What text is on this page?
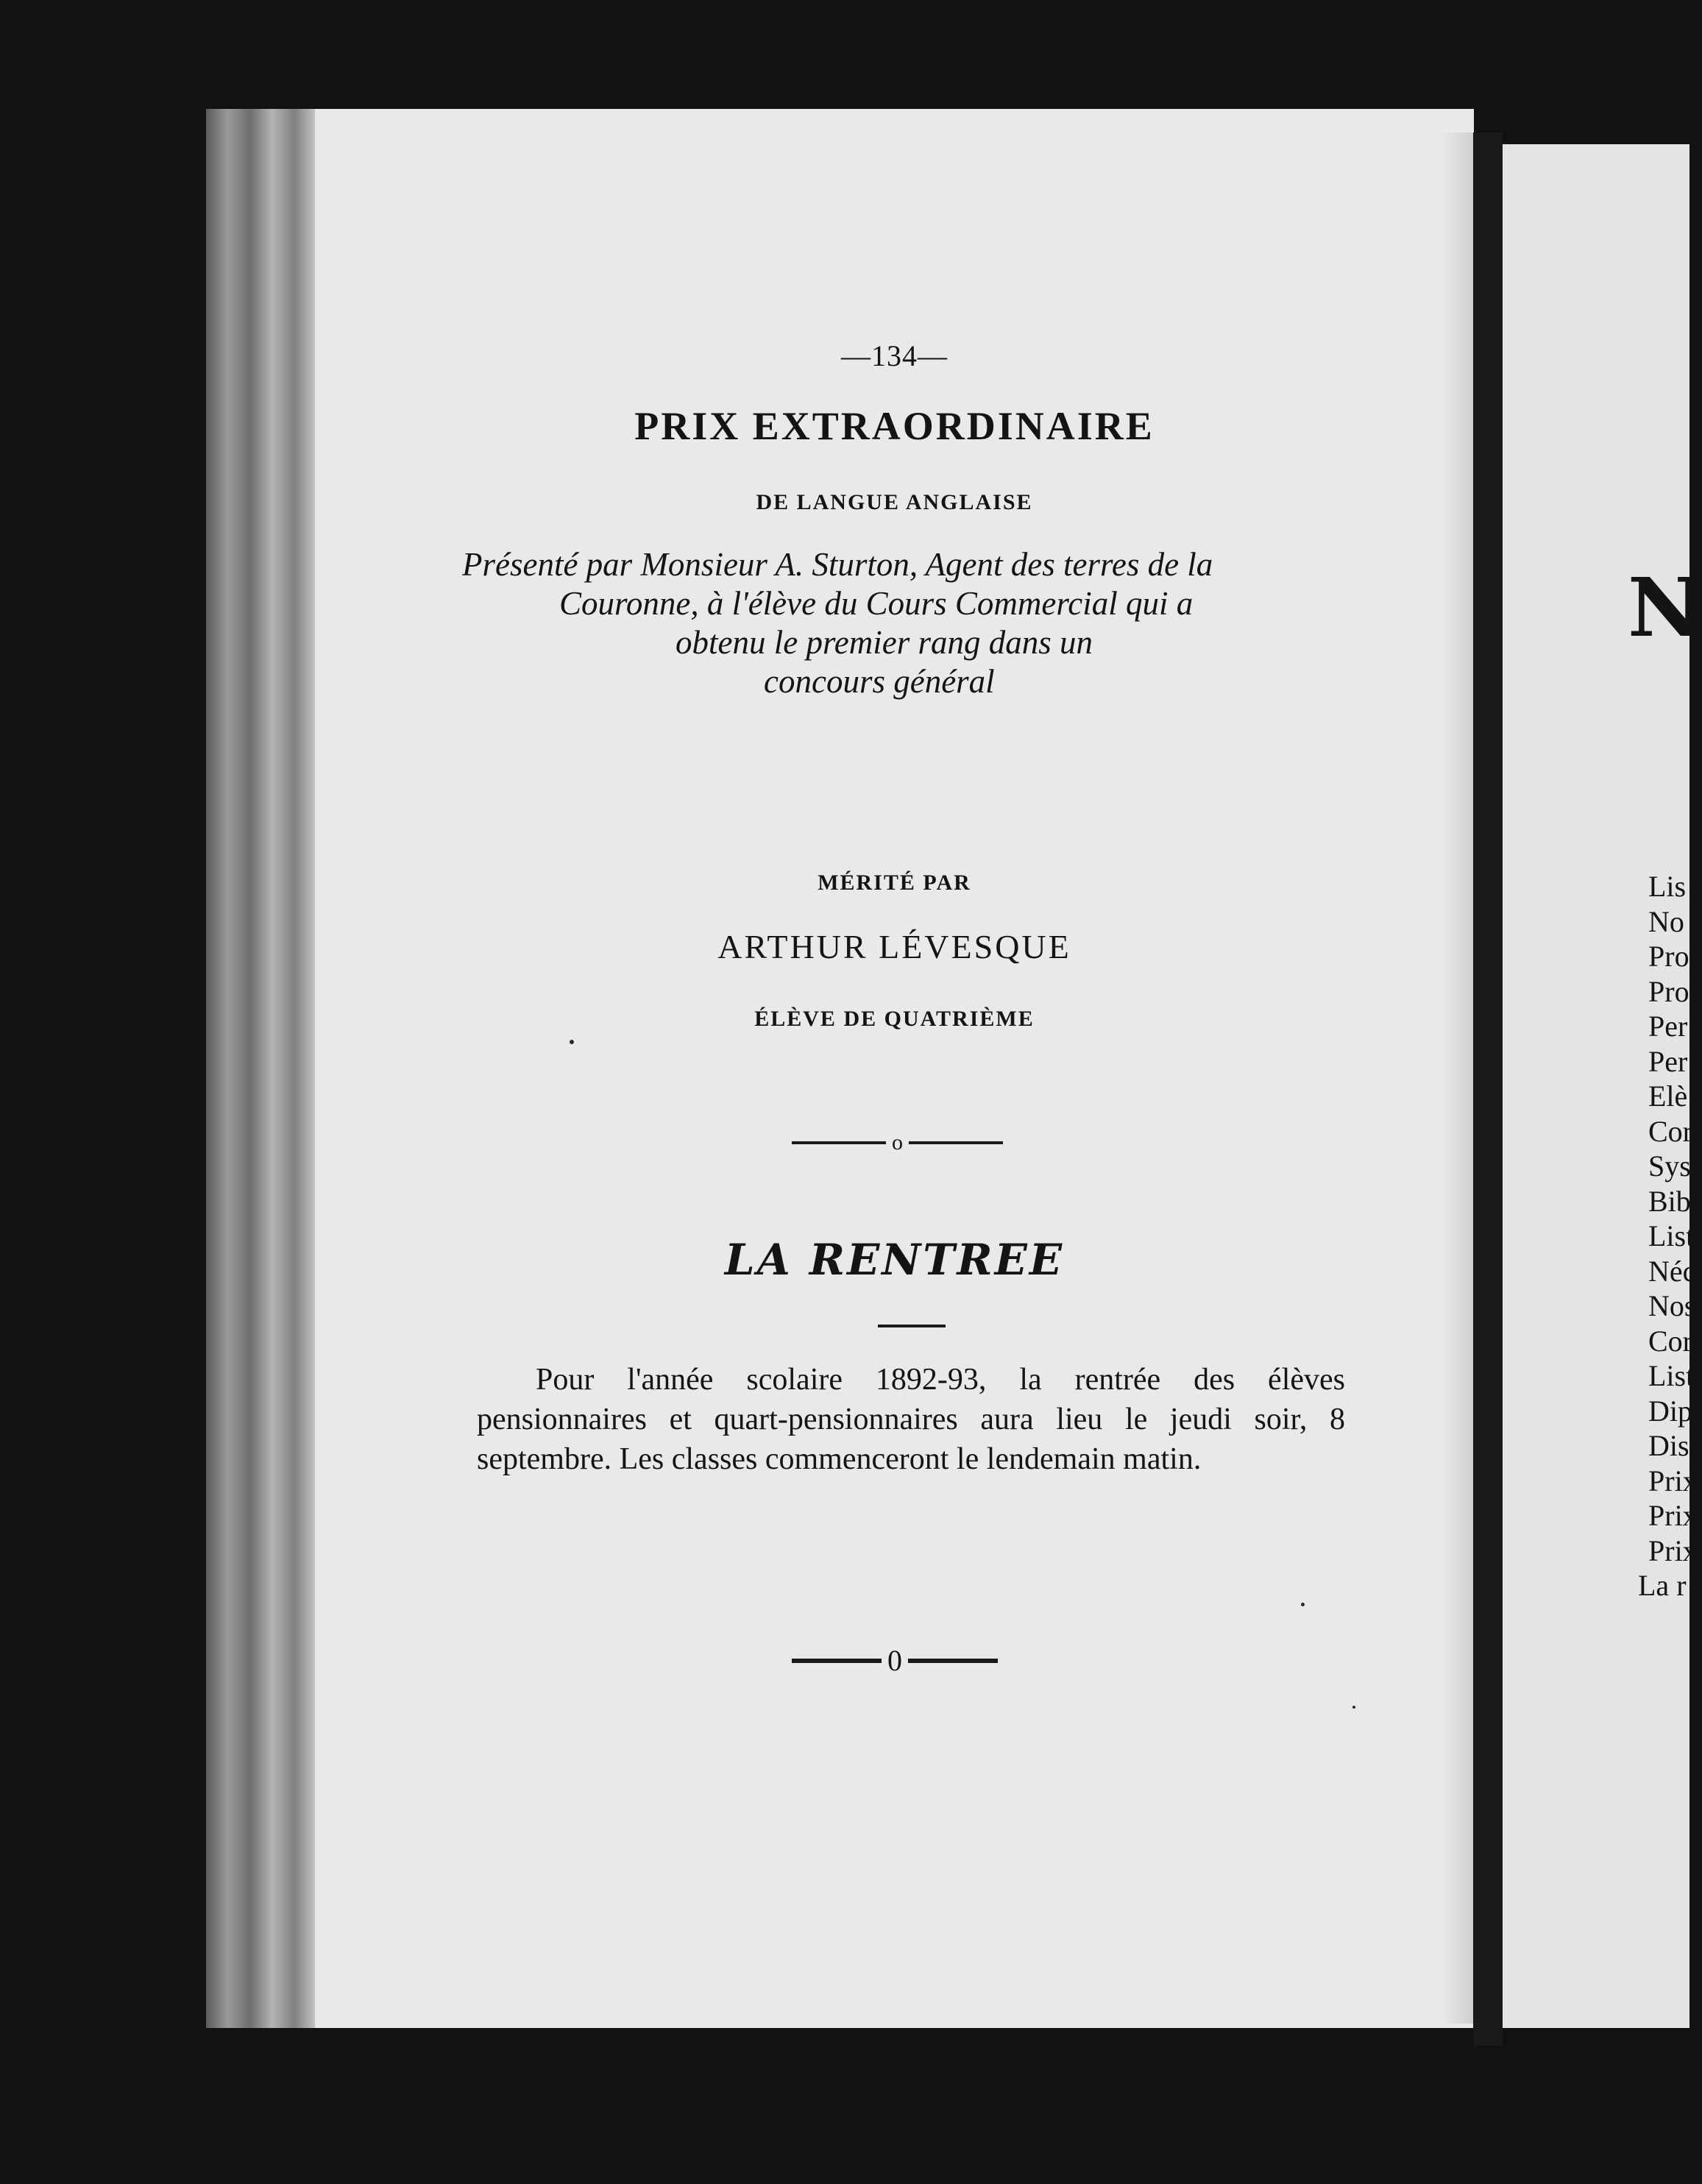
—134—
PRIX EXTRAORDINAIRE
DE LANGUE ANGLAISE
Présenté par Monsieur A. Sturton, Agent des terres de la
Couronne, à l'élève du Cours Commercial qui a
obtenu le premier rang dans un
concours général
MÉRITÉ PAR
ARTHUR LÉVESQUE
ÉLÈVE DE QUATRIÈME
o
LA RENTREE
Pour l'année scolaire 1892-93, la rentrée des élèves pensionnaires et quart-pensionnaires aura lieu le jeudi soir, 8 septembre. Les classes commenceront le lendemain matin.
0
N
Lis
No
Pro
Pro
Per
Per
Elè
Cor
Sys
Bib
List
Néc
Nos
Cor
List
Dip
Dis
Prix
Prix
Prix
La r
